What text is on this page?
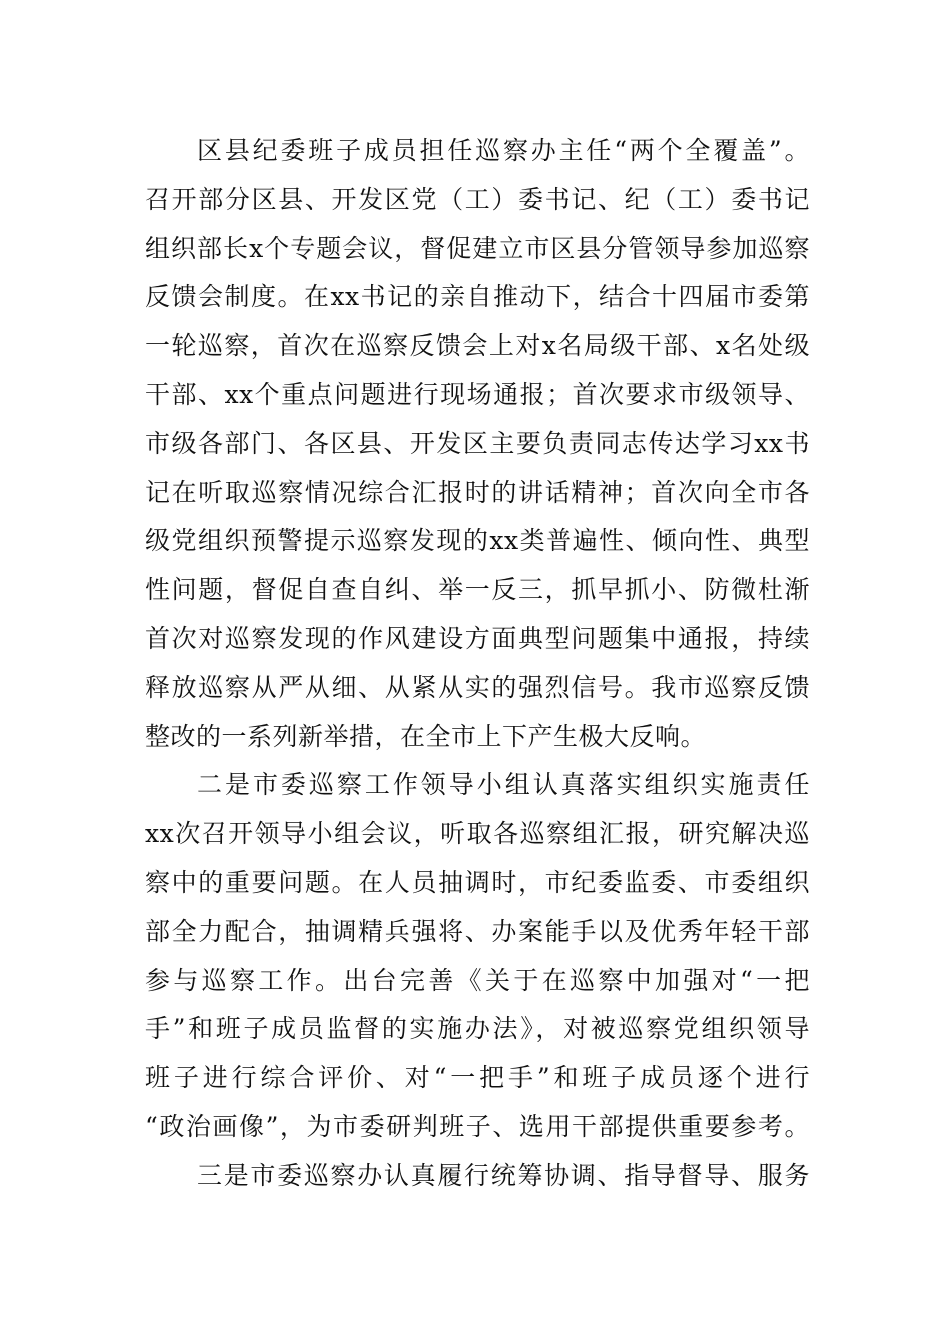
区县纪委班子成员担任巡察办主任“两个全覆盖”。
召开部分区县、开发区党（工）委书记、纪（工）委书记
组织部长x个专题会议，督促建立市区县分管领导参加巡察
反馈会制度。在xx书记的亲自推动下，结合十四届市委第
一轮巡察，首次在巡察反馈会上对x名局级干部、x名处级
干部、xx个重点问题进行现场通报；首次要求市级领导、
市级各部门、各区县、开发区主要负责同志传达学习xx书
记在听取巡察情况综合汇报时的讲话精神；首次向全市各
级党组织预警提示巡察发现的xx类普遍性、倾向性、典型
性问题，督促自查自纠、举一反三，抓早抓小、防微杜渐
首次对巡察发现的作风建设方面典型问题集中通报，持续
释放巡察从严从细、从紧从实的强烈信号。我市巡察反馈
整改的一系列新举措，在全市上下产生极大反响。
二是市委巡察工作领导小组认真落实组织实施责任
xx次召开领导小组会议，听取各巡察组汇报，研究解决巡
察中的重要问题。在人员抽调时，市纪委监委、市委组织
部全力配合，抽调精兵强将、办案能手以及优秀年轻干部
参与巡察工作。出台完善《关于在巡察中加强对“一把
手”和班子成员监督的实施办法》，对被巡察党组织领导
班子进行综合评价、对“一把手”和班子成员逐个进行
“政治画像”，为市委研判班子、选用干部提供重要参考。
三是市委巡察办认真履行统筹协调、指导督导、服务
